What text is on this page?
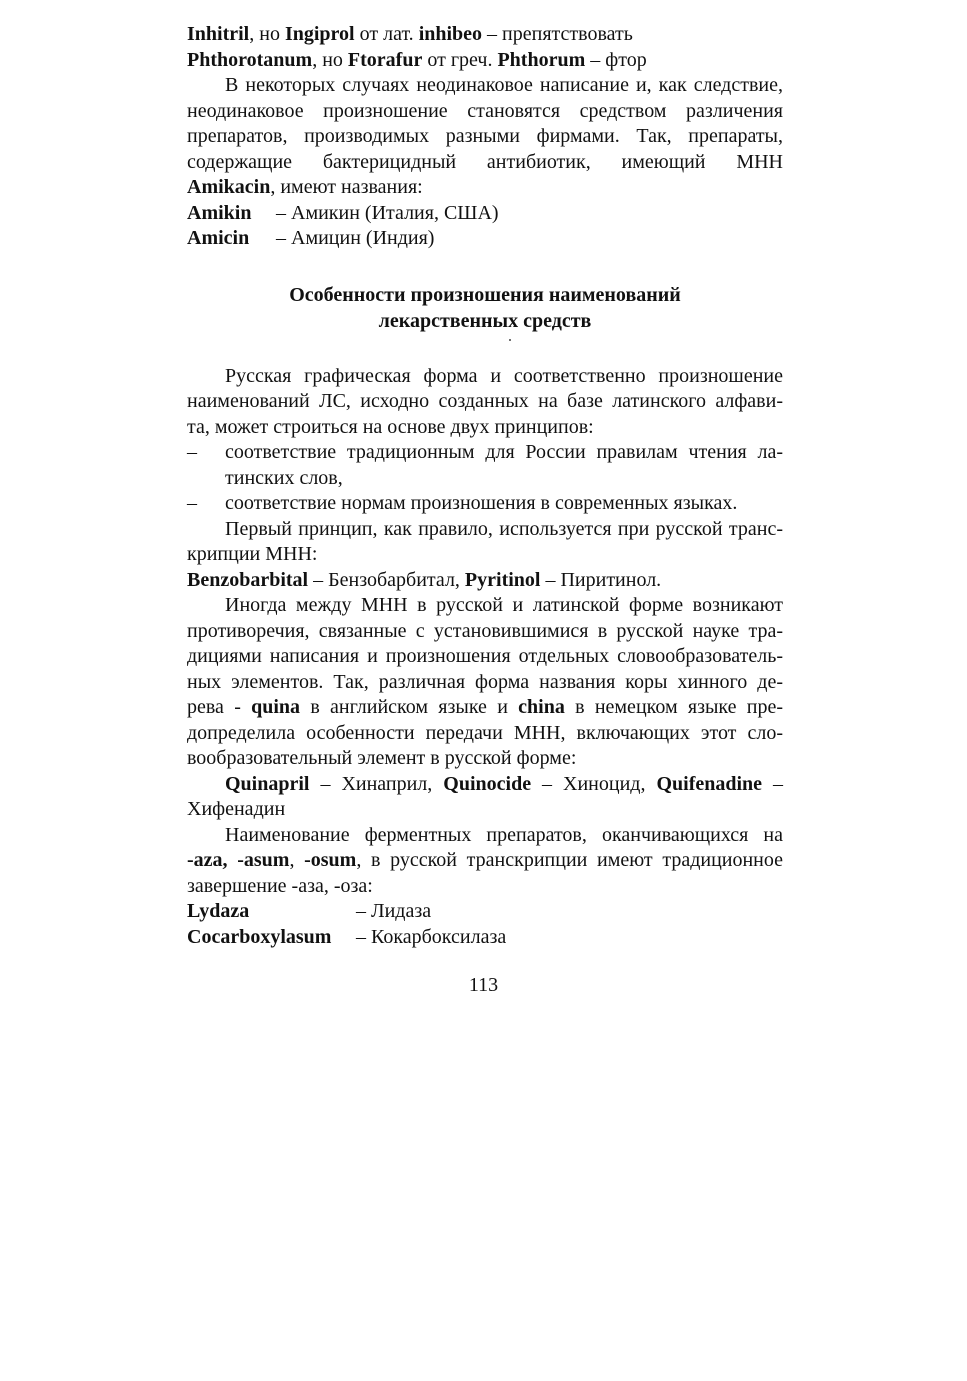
Inhitril, но Ingiprol от лат. inhibeo – препятствовать
Phthorotanum, но Ftorafur от греч. Phthorum – фтор
В некоторых случаях неодинаковое написание и, как следствие,
неодинаковое произношение становятся средством различения
препаратов, производимых разными фирмами. Так, препараты,
содержащие бактерицидный антибиотик, имеющий МНН
Amikacin, имеют названия:
Amikin – Амикин (Италия, США)
Amicin – Амицин (Индия)
Особенности произношения наименований
лекарственных средств
Русская графическая форма и соответственно произношение
наименований ЛС, исходно созданных на базе латинского алфави-
та, может строиться на основе двух принципов:
– соответствие традиционным для России правилам чтения ла-
тинских слов,
– соответствие нормам произношения в современных языках.
Первый принцип, как правило, используется при русской транс-
крипции МНН:
Benzobarbital – Бензобарбитал, Pyritinol – Пиритинол.
Иногда между МНН в русской и латинской форме возникают
противоречия, связанные с установившимися в русской науке тра-
дициями написания и произношения отдельных словообразователь-
ных элементов. Так, различная форма названия коры хинного де-
рева - quina в английском языке и china в немецком языке пре-
допределила особенности передачи МНН, включающих этот сло-
вообразовательный элемент в русской форме:
Quinapril – Хинаприл, Quinocide – Хиноцид, Quifenadine –
Хифенадин
Наименование ферментных препаратов, оканчивающихся на
-aza, -asum, -osum, в русской транскрипции имеют традиционное
завершение -аза, -оза:
Lydaza	– Лидаза
Cocarboxylasum – Кокарбоксилаза
113
